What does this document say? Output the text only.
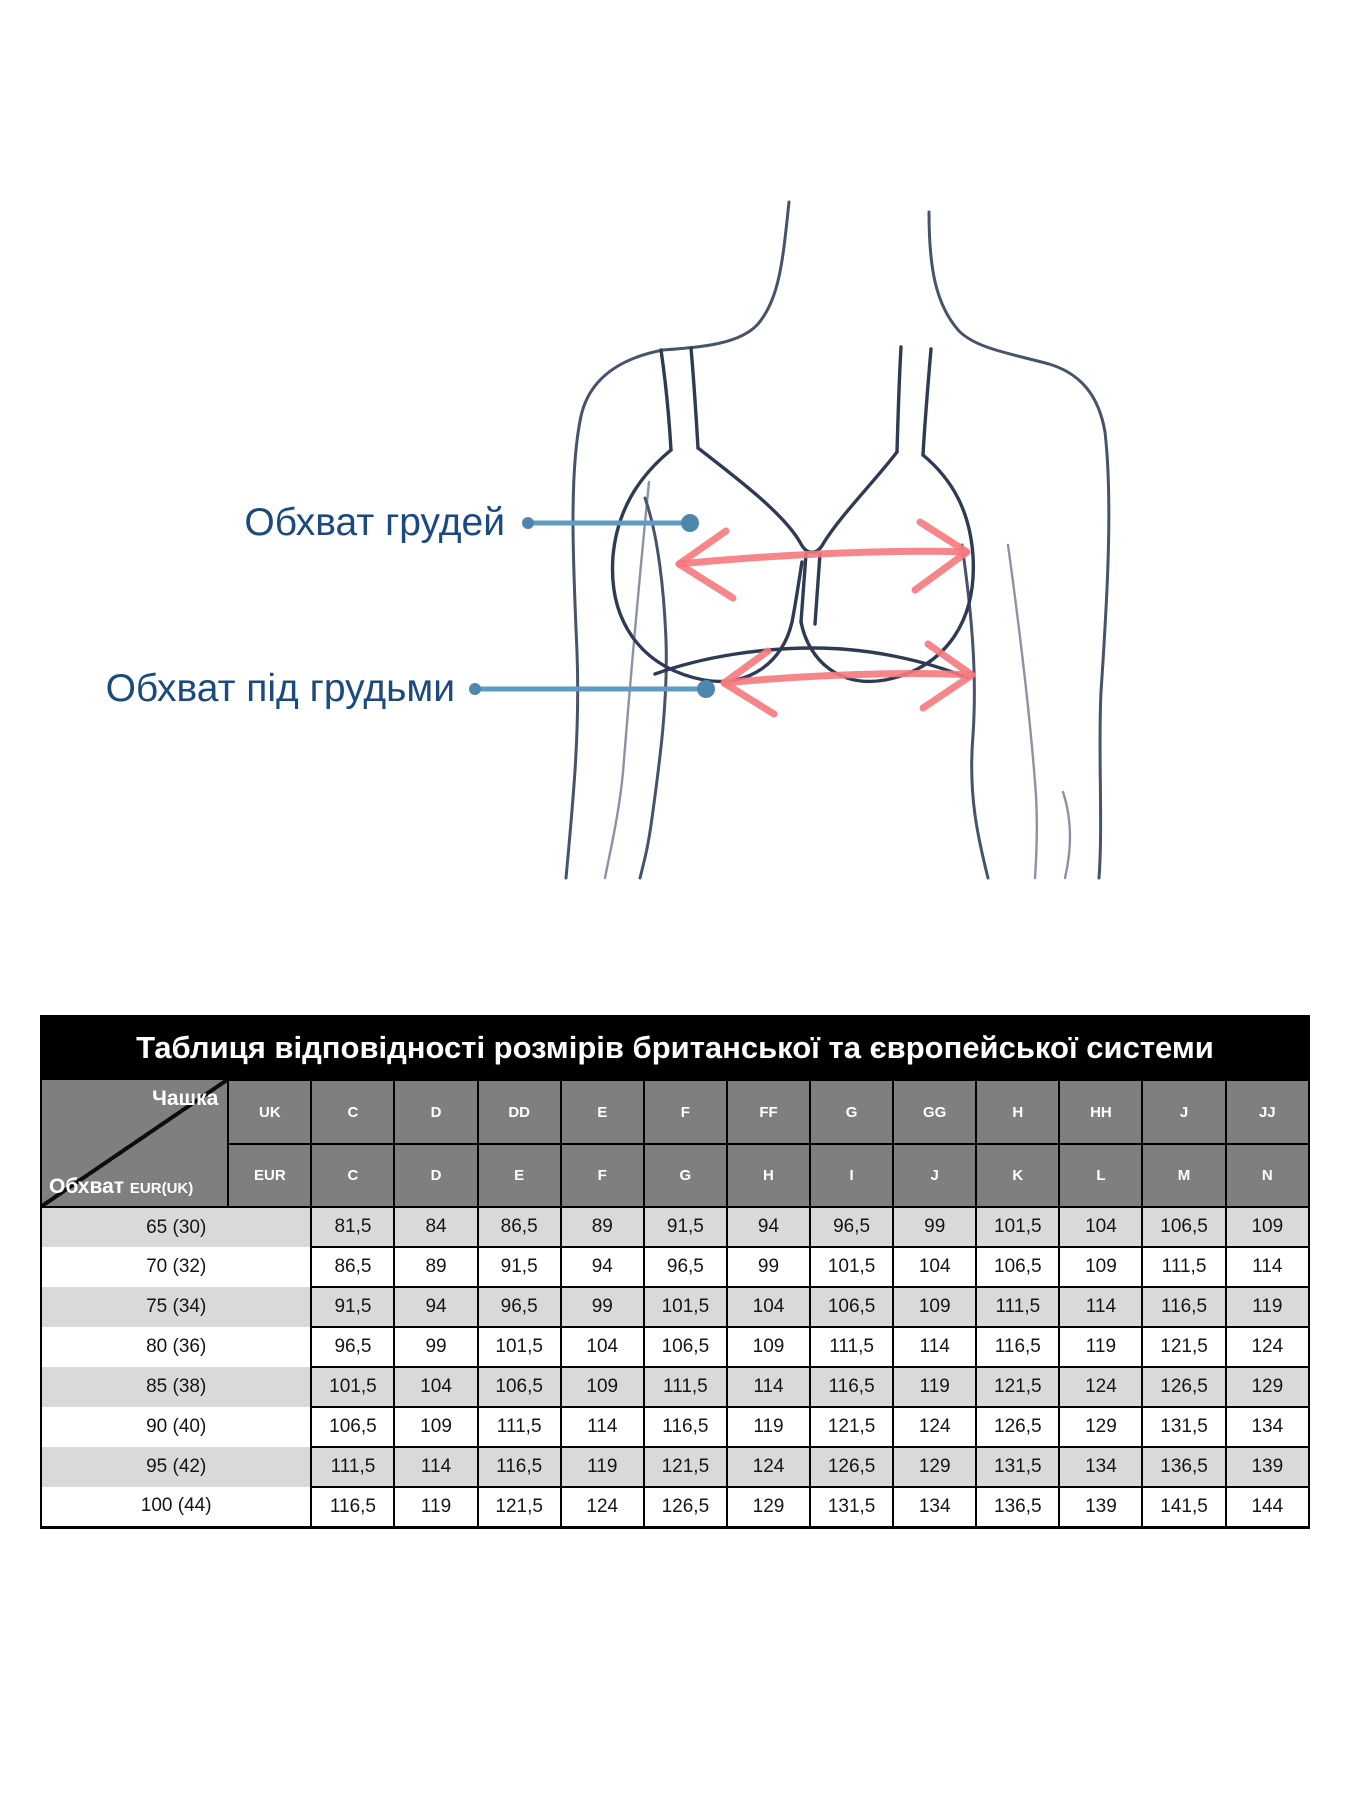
Обхват грудей
Обхват під грудьми
Таблиця відповідності розмірів британської та європейської системи													

Чашка
Обхват EUR(UK)	UK	C	D	DD	E	F	FF	G	GG	H	HH	J	JJ
	EUR	C	D	E	F	G	H	I	J	K	L	M	N
65 (30)		81,5	84	86,5	89	91,5	94	96,5	99	101,5	104	106,5	109
70 (32)		86,5	89	91,5	94	96,5	99	101,5	104	106,5	109	111,5	114
75 (34)		91,5	94	96,5	99	101,5	104	106,5	109	111,5	114	116,5	119
80 (36)		96,5	99	101,5	104	106,5	109	111,5	114	116,5	119	121,5	124
85 (38)		101,5	104	106,5	109	111,5	114	116,5	119	121,5	124	126,5	129
90 (40)		106,5	109	111,5	114	116,5	119	121,5	124	126,5	129	131,5	134
95 (42)		111,5	114	116,5	119	121,5	124	126,5	129	131,5	134	136,5	139
100 (44)		116,5	119	121,5	124	126,5	129	131,5	134	136,5	139	141,5	144
